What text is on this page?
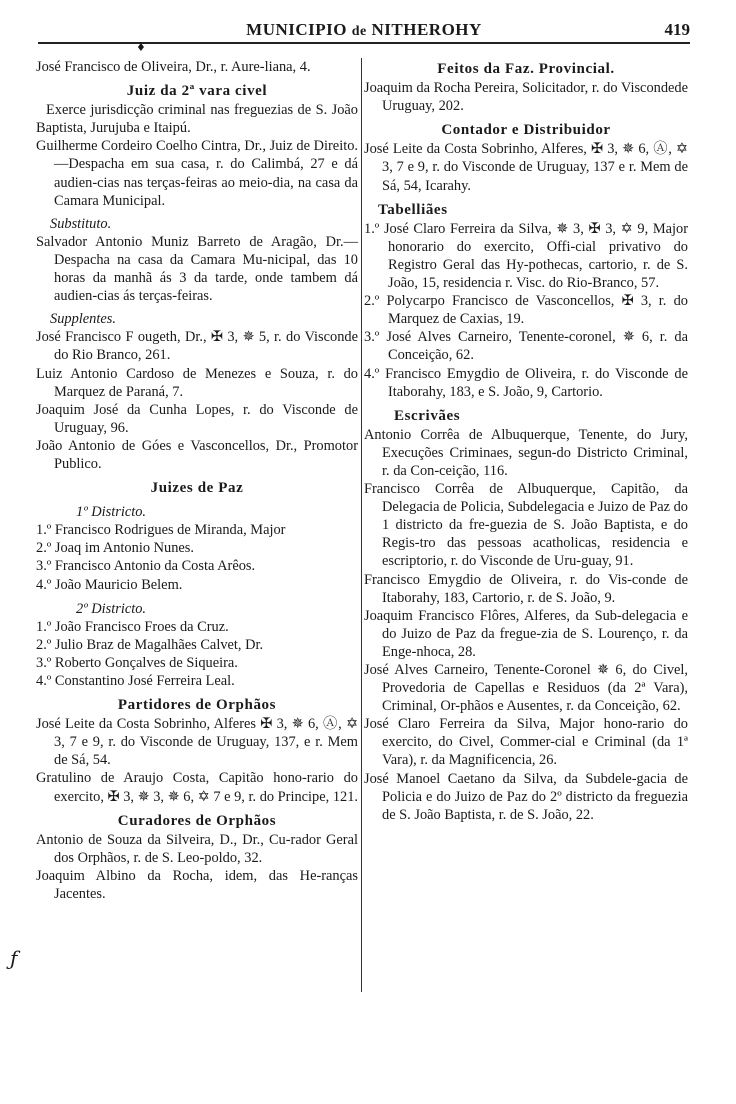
MUNICIPIO de NITHEROHY	419
♦
ƒ

José Francisco de Oliveira, Dr., r. Aure-liana, 4.

Juiz da 2ª vara civel

Exerce jurisdicção criminal nas freguezias de S. João Baptista, Jurujuba e Itaipú.

Guilherme Cordeiro Coelho Cintra, Dr., Juiz de Direito.—Despacha em sua casa, r. do Calimbá, 27 e dá audien-cias nas terças-feiras ao meio-dia, na casa da Camara Municipal.

Substituto.

Salvador Antonio Muniz Barreto de Aragão, Dr.—Despacha na casa da Camara Mu-nicipal, das 10 horas da manhã ás 3 da tarde, onde tambem dá audien-cias ás terças-feiras.

Supplentes.

José Francisco F ougeth, Dr., ✠ 3, ✵ 5, r. do Visconde do Rio Branco, 261.

Luiz Antonio Cardoso de Menezes e Souza, r. do Marquez de Paraná, 7.

Joaquim José da Cunha Lopes, r. do Visconde de Uruguay, 96.

João Antonio de Góes e Vasconcellos, Dr., Promotor Publico.

Juizes de Paz
1º Districto.

1.º Francisco Rodrigues de Miranda, Major

2.º Joaq im Antonio Nunes.

3.º Francisco Antonio da Costa Arêos.

4.º João Mauricio Belem.

2º Districto.

1.º João Francisco Froes da Cruz.

2.º Julio Braz de Magalhães Calvet, Dr.

3.º Roberto Gonçalves de Siqueira.

4.º Constantino José Ferreira Leal.

Partidores de Orphãos

José Leite da Costa Sobrinho, Alferes ✠ 3, ✵ 6, Ⓐ, ✡ 3, 7 e 9, r. do Visconde de Uruguay, 137, e r. Mem de Sá, 54.

Gratulino de Araujo Costa, Capitão hono-rario do exercito, ✠ 3, ✵ 3, ✵ 6, ✡ 7 e 9, r. do Principe, 121.

Curadores de Orphãos

Antonio de Souza da Silveira, D., Dr., Cu-rador Geral dos Orphãos, r. de S. Leo-poldo, 32.

Joaquim Albino da Rocha, idem, das He-ranças Jacentes.

Feitos da Faz. Provincial.

Joaquim da Rocha Pereira, Solicitador, r. do Viscondede Uruguay, 202.

Contador e Distribuidor

José Leite da Costa Sobrinho, Alferes, ✠ 3, ✵ 6, Ⓐ, ✡ 3, 7 e 9, r. do Visconde de Uruguay, 137 e r. Mem de Sá, 54, Icarahy.

Tabelliães

1.º José Claro Ferreira da Silva, ✵ 3, ✠ 3, ✡ 9, Major honorario do exercito, Offi-cial privativo do Registro Geral das Hy-pothecas, cartorio, r. de S. João, 15, residencia r. Visc. do Rio-Branco, 57.

2.º Polycarpo Francisco de Vasconcellos, ✠ 3, r. do Marquez de Caxias, 19.

3.º José Alves Carneiro, Tenente-coronel, ✵ 6, r. da Conceição, 62.

4.º Francisco Emygdio de Oliveira, r. do Visconde de Itaborahy, 183, e S. João, 9, Cartorio.

Escrivães

Antonio Corrêa de Albuquerque, Tenente, do Jury, Execuções Criminaes, segun-do Districto Criminal, r. da Con-ceição, 116.

Francisco Corrêa de Albuquerque, Capitão, da Delegacia de Policia, Subdelegacia e Juizo de Paz do 1 districto da fre-guezia de S. João Baptista, e do Regis-tro das pessoas acatholicas, residencia e escriptorio, r. do Visconde de Uru-guay, 91.

Francisco Emygdio de Oliveira, r. do Vis-conde de Itaborahy, 183, Cartorio, r. de S. João, 9.

Joaquim Francisco Flôres, Alferes, da Sub-delegacia e do Juizo de Paz da fregue-zia de S. Lourenço, r. da Enge-nhoca, 28.

José Alves Carneiro, Tenente-Coronel ✵ 6, do Civel, Provedoria de Capellas e Residuos (da 2ª Vara), Criminal, Or-phãos e Ausentes, r. da Conceição, 62.

José Claro Ferreira da Silva, Major hono-rario do exercito, do Civel, Commer-cial e Criminal (da 1ª Vara), r. da Magnificencia, 26.

José Manoel Caetano da Silva, da Subdele-gacia de Policia e do Juizo de Paz do 2º districto da freguezia de S. João Baptista, r. de S. João, 22.
